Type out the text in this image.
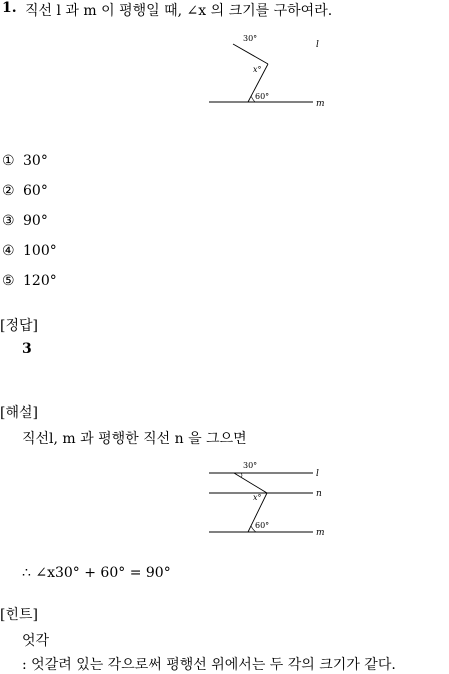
1. 직선 l 과 m 이 평행일 때, ∠x 의 크기를 구하여라.
30°
x°
60°
l
m
① 30°
② 60°
③ 90°
④ 100°
⑤ 120°
[정답]
3
[해설]
직선l, m 과 평행한 직선 n 을 그으면
30°
x°
60°
l
n
m
∴ ∠x30° + 60° = 90°
[힌트]
엇각
: 엇갈려 있는 각으로써 평행선 위에서는 두 각의 크기가 같다.
